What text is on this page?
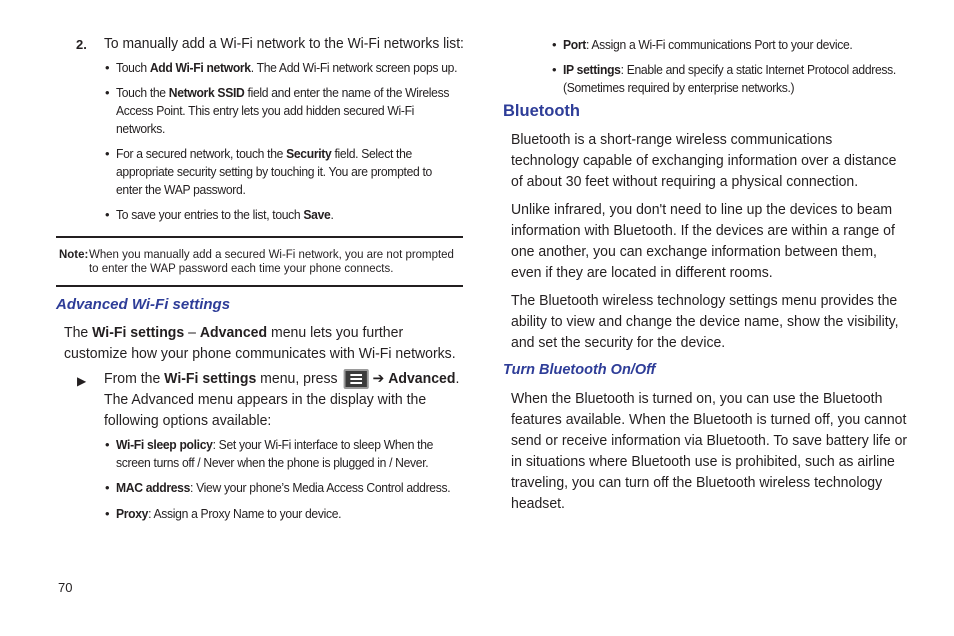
2. To manually add a Wi-Fi network to the Wi-Fi networks list:

• Touch Add Wi-Fi network. The Add Wi-Fi network screen pops up.

• Touch the Network SSID field and enter the name of the Wireless Access Point. This entry lets you add hidden secured Wi-Fi networks.

• For a secured network, touch the Security field. Select the appropriate security setting by touching it. You are prompted to enter the WAP password.

• To save your entries to the list, touch Save.

Note: When you manually add a secured Wi-Fi network, you are not prompted to enter the WAP password each time your phone connects.

Advanced Wi-Fi settings

The Wi-Fi settings – Advanced menu lets you further customize how your phone communicates with Wi-Fi networks.

▶ From the Wi-Fi settings menu, press
➔ Advanced. The Advanced menu appears in the display with the following options available:

• Wi-Fi sleep policy: Set your Wi-Fi interface to sleep When the screen turns off / Never when the phone is plugged in / Never.

• MAC address: View your phone’s Media Access Control address.

• Proxy: Assign a Proxy Name to your device.

• Port: Assign a Wi-Fi communications Port to your device.

• IP settings: Enable and specify a static Internet Protocol address. (Sometimes required by enterprise networks.)

Bluetooth

Bluetooth is a short-range wireless communications technology capable of exchanging information over a distance of about 30 feet without requiring a physical connection.

Unlike infrared, you don't need to line up the devices to beam information with Bluetooth. If the devices are within a range of one another, you can exchange information between them, even if they are located in different rooms.

The Bluetooth wireless technology settings menu provides the ability to view and change the device name, show the visibility, and set the security for the device.

Turn Bluetooth On/Off

When the Bluetooth is turned on, you can use the Bluetooth features available. When the Bluetooth is turned off, you cannot send or receive information via Bluetooth. To save battery life or in situations where Bluetooth use is prohibited, such as airline traveling, you can turn off the Bluetooth wireless technology headset.

70
